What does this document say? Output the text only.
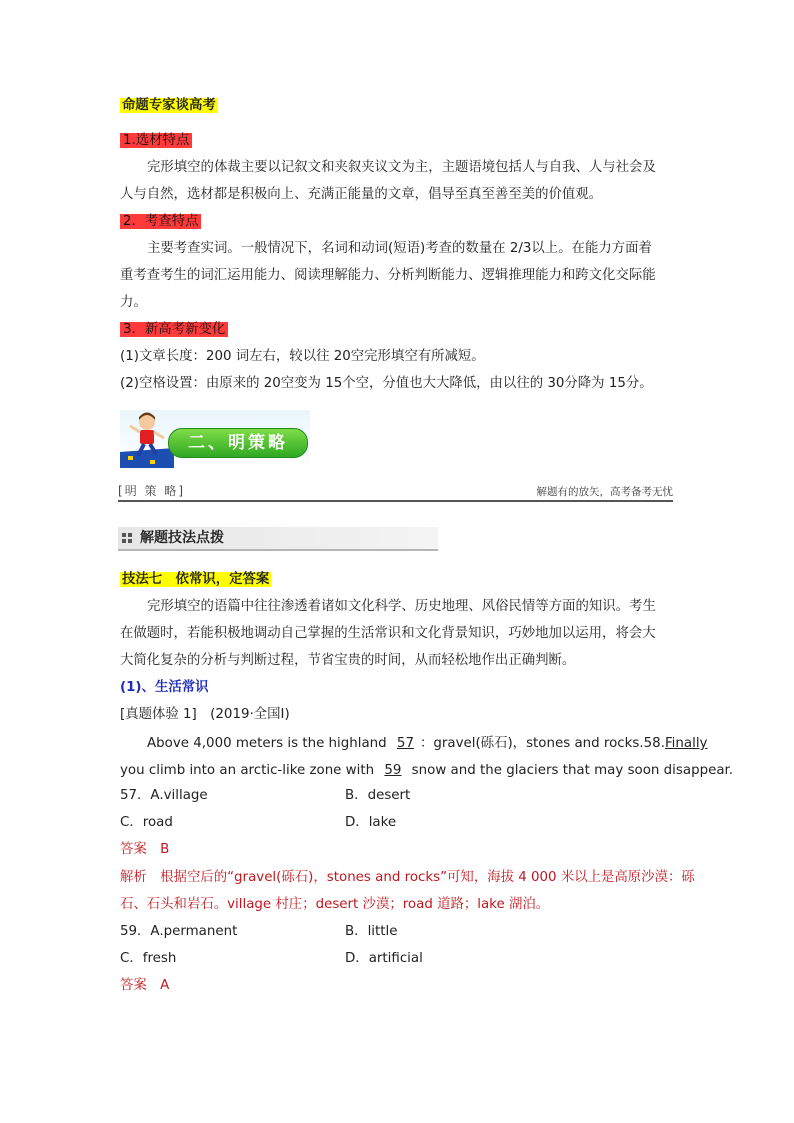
命题专家谈高考
1.选材特点
完形填空的体裁主要以记叙文和夹叙夹议文为主，主题语境包括人与自我、人与社会及
人与自然，选材都是积极向上、充满正能量的文章，倡导至真至善至美的价值观。
2．考查特点
主要考查实词。一般情况下，名词和动词(短语)考查的数量在 2/3以上。在能力方面着
重考查考生的词汇运用能力、阅读理解能力、分析判断能力、逻辑推理能力和跨文化交际能
力。
3．新高考新变化
(1)文章长度：200 词左右，较以往 20空完形填空有所减短。
(2)空格设置：由原来的 20空变为 15个空，分值也大大降低，由以往的 30分降为 15分。
二、明策略
[明 策 略]	解题有的放矢，高考备考无忧
解题技法点拨
技法七　依常识，定答案
完形填空的语篇中往往渗透着诸如文化科学、历史地理、风俗民情等方面的知识。考生
在做题时，若能积极地调动自己掌握的生活常识和文化背景知识，巧妙地加以运用，将会大
大简化复杂的分析与判断过程，节省宝贵的时间，从而轻松地作出正确判断。
(1)、生活常识
[真题体验 1]　(2019·全国Ⅰ)
Above 4,000 meters is the highland 57 ：gravel(砾石)，stones and rocks.58.Finally
you climb into an arctic-like zone with 59 snow and the glaciers that may soon disappear.
57．A.village	B．desert
C．road	D．lake
答案　B
解析　根据空后的“gravel(砾石)，stones and rocks”可知，海拔 4 000 米以上是高原沙漠：砾
石、石头和岩石。village 村庄；desert 沙漠；road 道路；lake 湖泊。
59．A.permanent	B．little
C．fresh	D．artificial
答案　A
